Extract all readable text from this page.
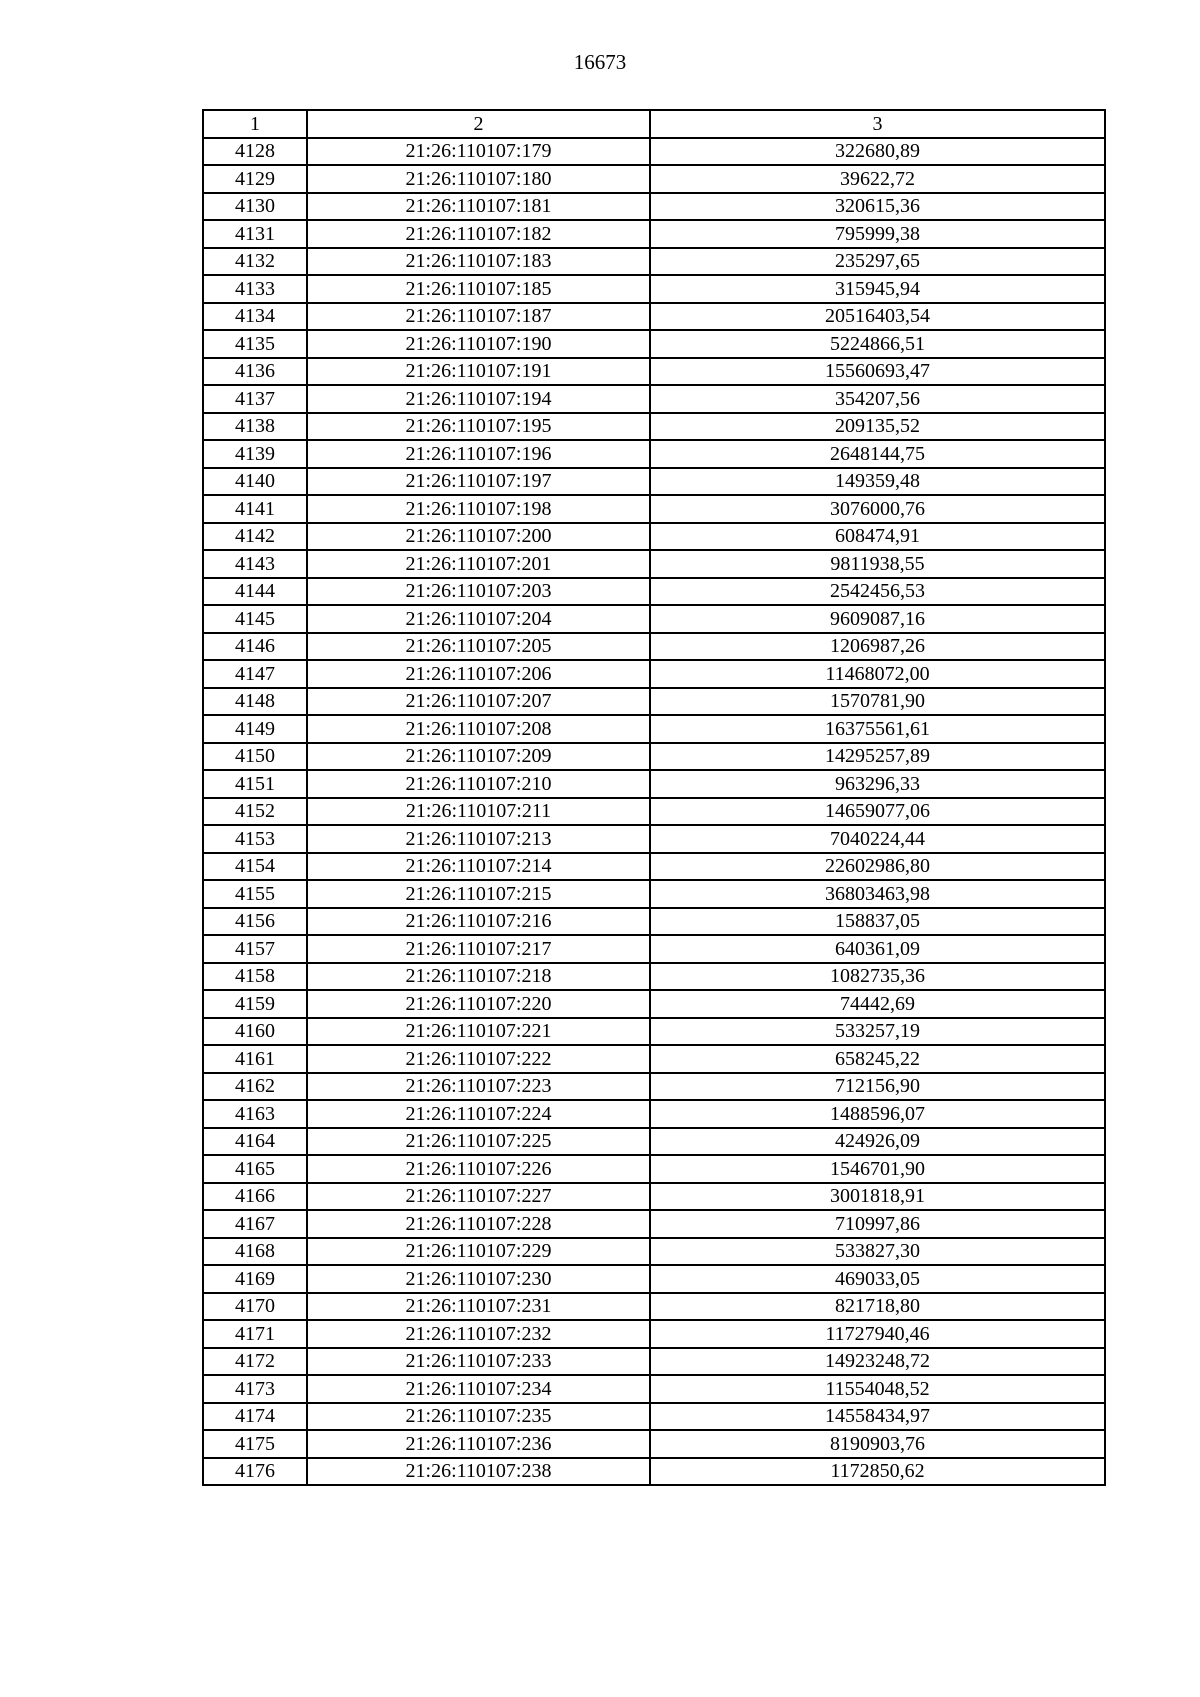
16673
1	2	3
4128	21:26:110107:179	322680,89
4129	21:26:110107:180	39622,72
4130	21:26:110107:181	320615,36
4131	21:26:110107:182	795999,38
4132	21:26:110107:183	235297,65
4133	21:26:110107:185	315945,94
4134	21:26:110107:187	20516403,54
4135	21:26:110107:190	5224866,51
4136	21:26:110107:191	15560693,47
4137	21:26:110107:194	354207,56
4138	21:26:110107:195	209135,52
4139	21:26:110107:196	2648144,75
4140	21:26:110107:197	149359,48
4141	21:26:110107:198	3076000,76
4142	21:26:110107:200	608474,91
4143	21:26:110107:201	9811938,55
4144	21:26:110107:203	2542456,53
4145	21:26:110107:204	9609087,16
4146	21:26:110107:205	1206987,26
4147	21:26:110107:206	11468072,00
4148	21:26:110107:207	1570781,90
4149	21:26:110107:208	16375561,61
4150	21:26:110107:209	14295257,89
4151	21:26:110107:210	963296,33
4152	21:26:110107:211	14659077,06
4153	21:26:110107:213	7040224,44
4154	21:26:110107:214	22602986,80
4155	21:26:110107:215	36803463,98
4156	21:26:110107:216	158837,05
4157	21:26:110107:217	640361,09
4158	21:26:110107:218	1082735,36
4159	21:26:110107:220	74442,69
4160	21:26:110107:221	533257,19
4161	21:26:110107:222	658245,22
4162	21:26:110107:223	712156,90
4163	21:26:110107:224	1488596,07
4164	21:26:110107:225	424926,09
4165	21:26:110107:226	1546701,90
4166	21:26:110107:227	3001818,91
4167	21:26:110107:228	710997,86
4168	21:26:110107:229	533827,30
4169	21:26:110107:230	469033,05
4170	21:26:110107:231	821718,80
4171	21:26:110107:232	11727940,46
4172	21:26:110107:233	14923248,72
4173	21:26:110107:234	11554048,52
4174	21:26:110107:235	14558434,97
4175	21:26:110107:236	8190903,76
4176	21:26:110107:238	1172850,62
